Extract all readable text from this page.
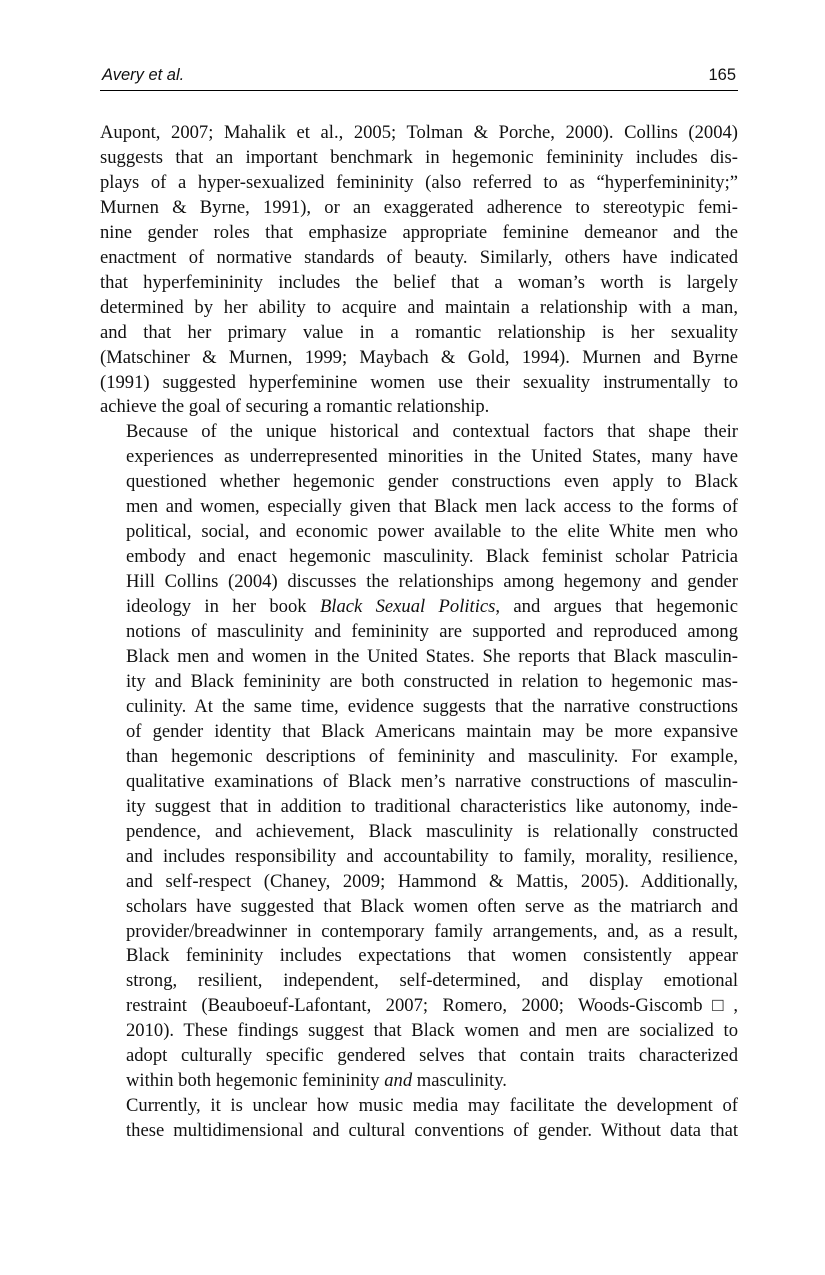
Avery et al.	165

Aupont, 2007; Mahalik et al., 2005; Tolman & Porche, 2000). Collins (2004)
suggests that an important benchmark in hegemonic femininity includes dis-
plays of a hyper-sexualized femininity (also referred to as “hyperfemininity;”
Murnen & Byrne, 1991), or an exaggerated adherence to stereotypic femi-
nine gender roles that emphasize appropriate feminine demeanor and the
enactment of normative standards of beauty. Similarly, others have indicated
that hyperfemininity includes the belief that a woman’s worth is largely
determined by her ability to acquire and maintain a relationship with a man,
and that her primary value in a romantic relationship is her sexuality
(Matschiner & Murnen, 1999; Maybach & Gold, 1994). Murnen and Byrne
(1991) suggested hyperfeminine women use their sexuality instrumentally to
achieve the goal of securing a romantic relationship.

Because of the unique historical and contextual factors that shape their
experiences as underrepresented minorities in the United States, many have
questioned whether hegemonic gender constructions even apply to Black
men and women, especially given that Black men lack access to the forms of
political, social, and economic power available to the elite White men who
embody and enact hegemonic masculinity. Black feminist scholar Patricia
Hill Collins (2004) discusses the relationships among hegemony and gender
ideology in her book Black Sexual Politics, and argues that hegemonic
notions of masculinity and femininity are supported and reproduced among
Black men and women in the United States. She reports that Black masculin-
ity and Black femininity are both constructed in relation to hegemonic mas-
culinity. At the same time, evidence suggests that the narrative constructions
of gender identity that Black Americans maintain may be more expansive
than hegemonic descriptions of femininity and masculinity. For example,
qualitative examinations of Black men’s narrative constructions of masculin-
ity suggest that in addition to traditional characteristics like autonomy, inde-
pendence, and achievement, Black masculinity is relationally constructed
and includes responsibility and accountability to family, morality, resilience,
and self-respect (Chaney, 2009; Hammond & Mattis, 2005). Additionally,
scholars have suggested that Black women often serve as the matriarch and
provider/breadwinner in contemporary family arrangements, and, as a result,
Black femininity includes expectations that women consistently appear
strong, resilient, independent, self-determined, and display emotional
restraint (Beauboeuf-Lafontant, 2007; Romero, 2000; Woods-Giscomb□,
2010). These findings suggest that Black women and men are socialized to
adopt culturally specific gendered selves that contain traits characterized
within both hegemonic femininity and masculinity.

Currently, it is unclear how music media may facilitate the development of
these multidimensional and cultural conventions of gender. Without data that
